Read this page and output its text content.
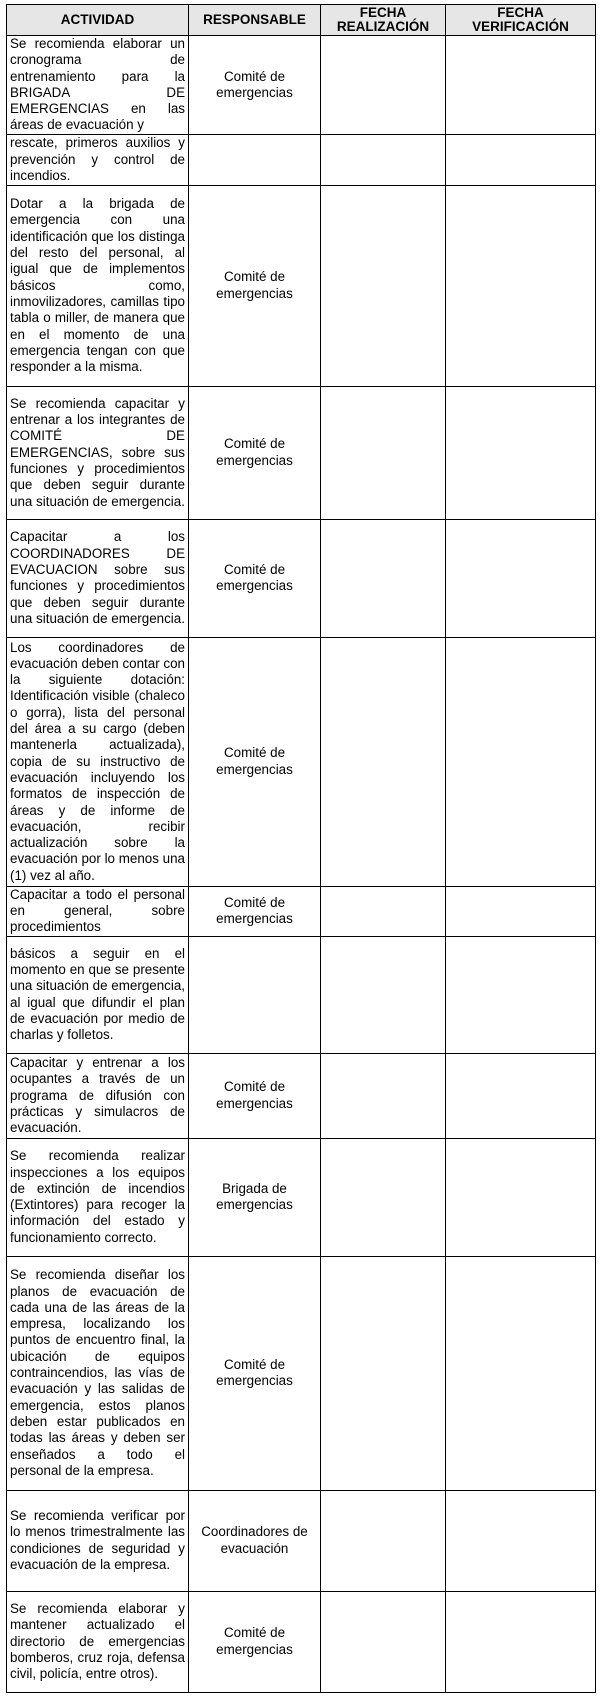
ACTIVIDAD	RESPONSABLE	FECHA REALIZACIÓN	FECHA VERIFICACIÓN
Se recomienda elaborar un cronograma de entrenamiento para la BRIGADA DE EMERGENCIAS en las áreas de evacuación y	Comité de emergencias		
rescate, primeros auxilios y prevención y control de incendios.			
Dotar a la brigada de emergencia con una identificación que los distinga del resto del personal, al igual que de implementos básicos como, inmovilizadores, camillas tipo tabla o miller, de manera que en el momento de una emergencia tengan con que responder a la misma.	Comité de emergencias		
Se recomienda capacitar y entrenar a los integrantes de COMITÉ DE EMERGENCIAS, sobre sus funciones y procedimientos que deben seguir durante una situación de emergencia.	Comité de emergencias		
Capacitar a los COORDINADORES DE EVACUACION sobre sus funciones y procedimientos que deben seguir durante una situación de emergencia.	Comité de emergencias		
Los coordinadores de evacuación deben contar con la siguiente dotación: Identificación visible (chaleco o gorra), lista del personal del área a su cargo (deben mantenerla actualizada), copia de su instructivo de evacuación incluyendo los formatos de inspección de áreas y de informe de evacuación, recibir actualización sobre la evacuación por lo menos una (1) vez al año.	Comité de emergencias		
Capacitar a todo el personal en general, sobre procedimientos	Comité de emergencias		
básicos a seguir en el momento en que se presente una situación de emergencia, al igual que difundir el plan de evacuación por medio de charlas y folletos.			
Capacitar y entrenar a los ocupantes a través de un programa de difusión con prácticas y simulacros de evacuación.	Comité de emergencias		
Se recomienda realizar inspecciones a los equipos de extinción de incendios (Extintores) para recoger la información del estado y funcionamiento correcto.	Brigada de emergencias		
Se recomienda diseñar los planos de evacuación de cada una de las áreas de la empresa, localizando los puntos de encuentro final, la ubicación de equipos contraincendios, las vías de evacuación y las salidas de emergencia, estos planos deben estar publicados en todas las áreas y deben ser enseñados a todo el personal de la empresa.	Comité de emergencias		
Se recomienda verificar por lo menos trimestralmente las condiciones de seguridad y evacuación de la empresa.	Coordinadores de evacuación		
Se recomienda elaborar y mantener actualizado el directorio de emergencias bomberos, cruz roja, defensa civil, policía, entre otros).	Comité de emergencias		
